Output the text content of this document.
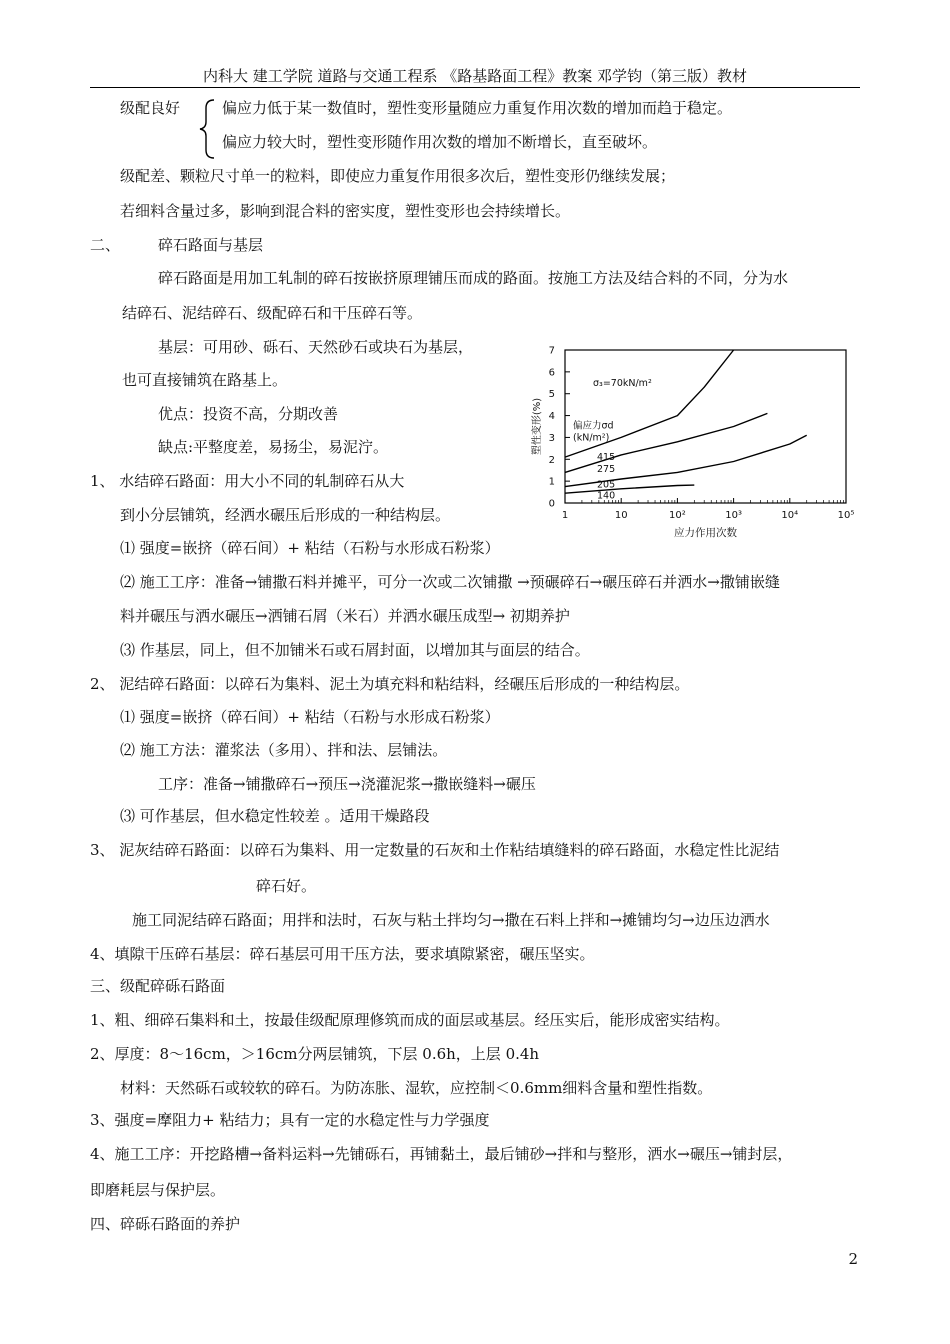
内科大 建工学院 道路与交通工程系 《路基路面工程》教案 邓学钧（第三版）教材
级配良好	偏应力低于某一数值时，塑性变形量随应力重复作用次数的增加而趋于稳定。
偏应力较大时，塑性变形随作用次数的增加不断增长，直至破坏。
级配差、颗粒尺寸单一的粒料，即使应力重复作用很多次后，塑性变形仍继续发展；
若细料含量过多，影响到混合料的密实度，塑性变形也会持续增长。
二、	碎石路面与基层
碎石路面是用加工轧制的碎石按嵌挤原理铺压而成的路面。按施工方法及结合料的不同，分为水
结碎石、泥结碎石、级配碎石和干压碎石等。
基层：可用砂、砾石、天然砂石或块石为基层，
也可直接铺筑在路基上。
优点：投资不高，分期改善
缺点:平整度差，易扬尘，易泥泞。
1、 水结碎石路面：用大小不同的轧制碎石从大
到小分层铺筑，经洒水碾压后形成的一种结构层。
⑴ 强度=嵌挤（碎石间）+ 粘结（石粉与水形成石粉浆）
⑵ 施工工序：准备→铺撒石料并摊平，可分一次或二次铺撒 →预碾碎石→碾压碎石并洒水→撒铺嵌缝
料并碾压与洒水碾压→洒铺石屑（米石）并洒水碾压成型→ 初期养护
⑶ 作基层，同上，但不加铺米石或石屑封面，以增加其与面层的结合。
2、 泥结碎石路面：以碎石为集料、泥土为填充料和粘结料，经碾压后形成的一种结构层。
⑴ 强度=嵌挤（碎石间）+ 粘结（石粉与水形成石粉浆）
⑵ 施工方法：灌浆法（多用）、拌和法、层铺法。
工序：准备→铺撒碎石→预压→浇灌泥浆→撒嵌缝料→碾压
⑶ 可作基层，但水稳定性较差 。适用干燥路段
3、 泥灰结碎石路面：以碎石为集料、用一定数量的石灰和土作粘结填缝料的碎石路面，水稳定性比泥结
碎石好。
施工同泥结碎石路面；用拌和法时，石灰与粘土拌均匀→撒在石料上拌和→摊铺均匀→边压边洒水
4、填隙干压碎石基层：碎石基层可用干压方法，要求填隙紧密，碾压坚实。
三、级配碎砾石路面
1、粗、细碎石集料和土，按最佳级配原理修筑而成的面层或基层。经压实后，能形成密实结构。
2、厚度：8～16cm，＞16cm分两层铺筑，下层 0.6h，上层 0.4h
材料：天然砾石或较软的碎石。为防冻胀、湿软，应控制＜0.6mm细料含量和塑性指数。
3、强度=摩阻力+ 粘结力；具有一定的水稳定性与力学强度
4、施工工序：开挖路槽→备料运料→先铺砾石，再铺黏土，最后铺砂→拌和与整形，洒水→碾压→铺封层，
即磨耗层与保护层。
四、碎砾石路面的养护
2
1	10	10²	10³	10⁴	10⁵
0
1
2
3
4
5
6
7
415
275
205
140
应力作用次数
塑性变形(%)
σ₃=70kN/m²
偏应力σd
(kN/m²)
